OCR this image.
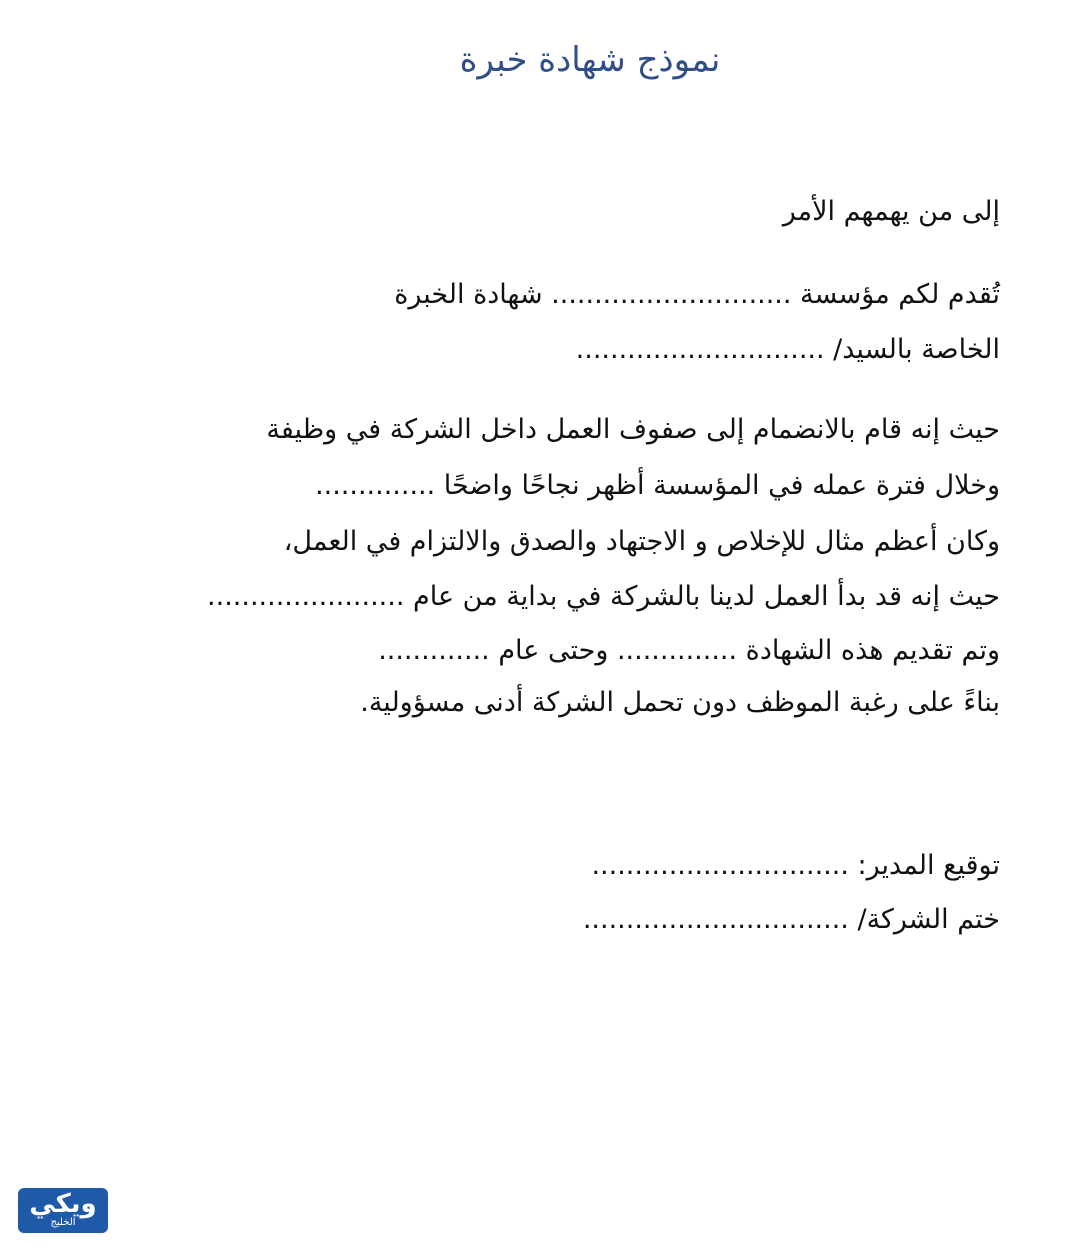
نموذج شهادة خبرة
إلى من يهمهم الأمر
تُقدم لكم مؤسسة ............................ شهادة الخبرة
الخاصة بالسيد/ .............................
حيث إنه قام بالانضمام إلى صفوف العمل داخل الشركة في وظيفة
وخلال فترة عمله في المؤسسة أظهر نجاحًا واضحًا ..............
وكان أعظم مثال للإخلاص و الاجتهاد والصدق والالتزام في العمل،
حيث إنه قد بدأ العمل لدينا بالشركة في بداية من عام .......................
وتم تقديم هذه الشهادة .............. وحتى عام .............
بناءً على رغبة الموظف دون تحمل الشركة أدنى مسؤولية.
توقيع المدير: ..............................
ختم الشركة/ ...............................
ويكي
الخليج
